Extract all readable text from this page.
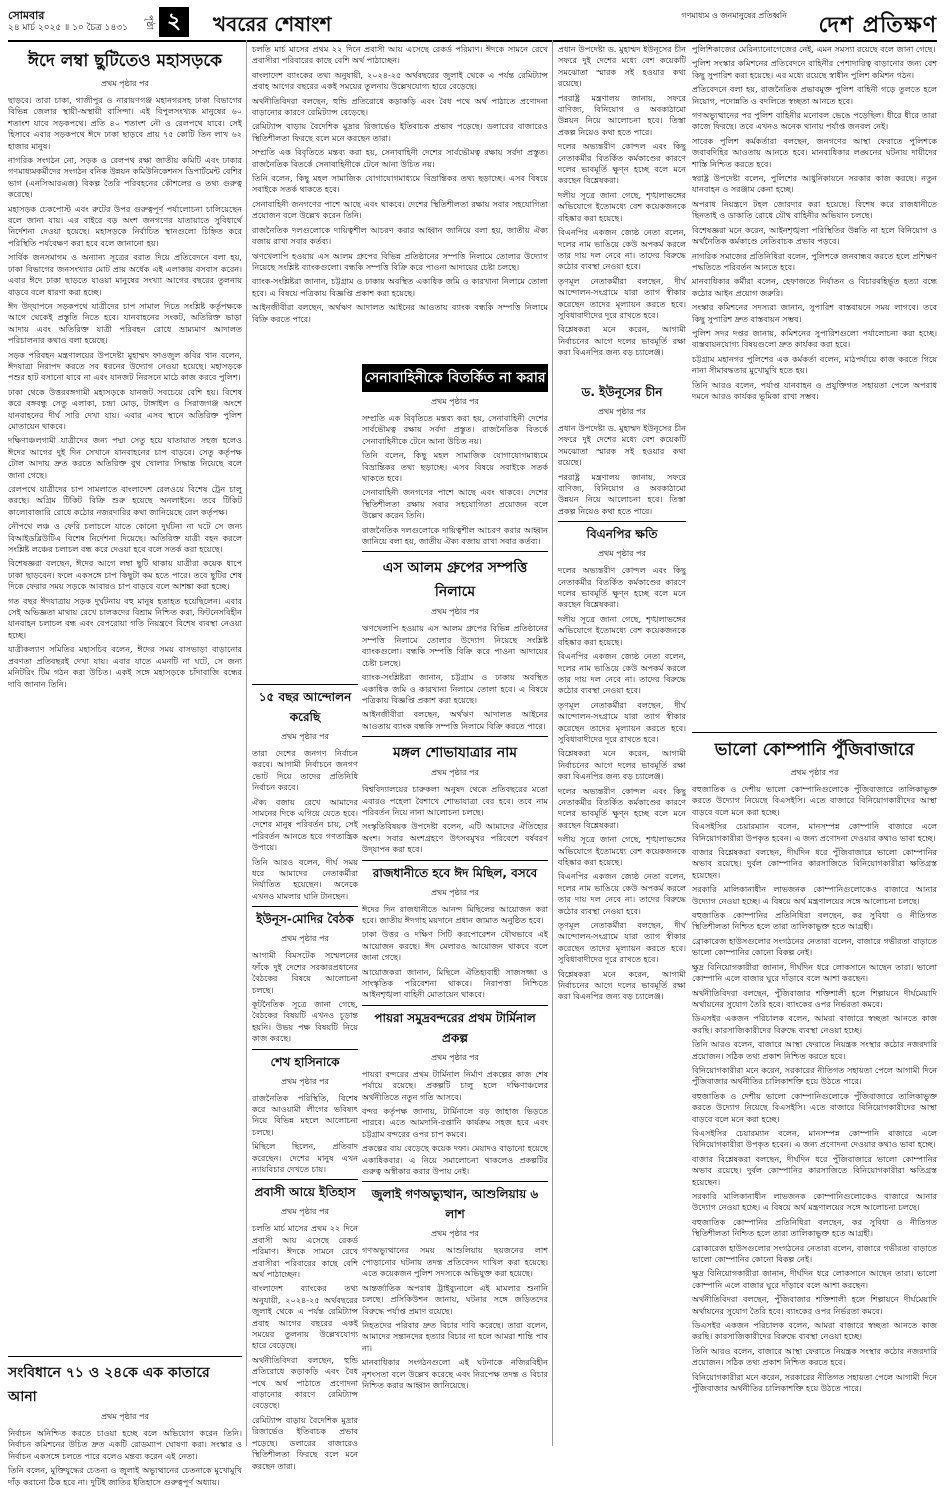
সোমবার
২৪ মার্চ ২০২৫ ॥ ১০ চৈত্র ১৪৩১	পৃষ্ঠা ২	খবরের শেষাংশ	গণমাধ্যম ও জনমানুষের প্রতিধ্বনি দেশ প্রতিক্ষণ
ঈদে লম্বা ছুটিতেও মহাসড়কে
প্রথম পৃষ্ঠার পর

ছাড়বে। তারা চাকা, গাজীপুর ও নারায়ণগঞ্জ মহানগরসহ ঢাকা বিভাগের বিভিন্ন জেলার স্থায়ী-অস্থায়ী বাসিন্দা। এই বিপুলসংখ্যক মানুষের ৬০ শতাংশ যাবে সড়কপথে। প্রতি ৪০ শতাংশ নৌ ও রেলপথে যাবে। সেই হিসাবে এবার সড়কপথে ঈদে ঢাকা ছাড়বে প্রায় ৭৫ কোটি তিন লাখ ৬২ হাজার মানুষ।

নাগরিক সংগঠন নো, সড়ক ও রেলপথ রক্ষা জাতীয় কমিটি এবং ঢাকার গণমাধ্যমকর্মীদের সংগঠন বনিক উন্নয়ন কমিউনিকেশনস ডিপার্টমেন্ট বেশির ভাগ (এনসিআরএজ) বিকল্প তৈরি পরিবহনের কৌশলের ও তথ্য গুরুত্ব করেছে।

মহাসড়ক চেকপোস্ট এবং রুটের উপর গুরুত্বপূর্ণ পর্যালোচনা চালিয়েছেন বলে জানা যায়। এর বাইরে বড় অংশ জনগণের যাতায়াতে সুবিধার্থে নির্দেশনা দেওয়া হয়েছে। মহাসড়কে নির্বাচিত স্থানগুলো চিহ্নিত করে পরিস্থিতি পর্যবেক্ষণ করা হবে বলে জানানো হয়।

সার্বিক জনসমাগম ও অন্যান্য সূত্রের বরাত দিয়ে প্রতিবেদনে বলা হয়, ঢাকা বিভাগের জনসংখ্যার মোট প্রায় অর্ধেক এই এলাকায় বসবাস করেন। এবার ঈদে ঢাকা ছাড়তে যাওয়া মানুষের সংখ্যা আগের বছরের তুলনায় বাড়বে বলে ধারণা করা হচ্ছে।

ঈদ উদ্‌যাপনে সড়কপথে যাত্রীদের চাপ সামাল দিতে সংশ্লিষ্ট কর্তৃপক্ষকে আগে থেকেই প্রস্তুতি নিতে হবে। যানবাহনের সংকট, অতিরিক্ত ভাড়া আদায় এবং অতিরিক্ত যাত্রী পরিবহন রোধে ভ্রাম্যমাণ আদালত পরিচালনার কথাও বলা হয়েছে।

সড়ক পরিবহন মন্ত্রণালয়ের উপদেষ্টা মুহাম্মদ ফাওজুল কবির খান বলেন, ঈদযাত্রা নিরাপদ করতে সব ধরনের উদ্যোগ নেওয়া হয়েছে। মহাসড়কে পশুর হাট বসানো যাবে না এবং যানজট নিরসনে মাঠে কাজ করবে পুলিশ।

ঢাকা থেকে উত্তরবঙ্গগামী মহাসড়কে যানজট সবচেয়ে বেশি হয়। বিশেষ করে বঙ্গবন্ধু সেতু এলাকা, চন্দ্রা মোড়, টাঙ্গাইল ও সিরাজগঞ্জ অংশে যানবাহনের দীর্ঘ সারি দেখা যায়। এবার এসব স্থানে অতিরিক্ত পুলিশ মোতায়েন থাকবে।

দক্ষিণাঞ্চলগামী যাত্রীদের জন্য পদ্মা সেতু হয়ে যাতায়াত সহজ হলেও ঈদের আগের দুই দিন সেখানে যানবাহনের চাপ বাড়বে। সেতু কর্তৃপক্ষ টোল আদায় দ্রুত করতে অতিরিক্ত বুথ খোলার সিদ্ধান্ত নিয়েছে বলে জানা গেছে।

রেলপথে যাত্রীদের চাপ সামলাতে বাংলাদেশ রেলওয়ে বিশেষ ট্রেন চালু করছে। অগ্রিম টিকিট বিক্রি শুরু হয়েছে অনলাইনে। তবে টিকিট কালোবাজারি রোধে কঠোর নজরদারির কথা জানিয়েছে রেল কর্তৃপক্ষ।

নৌপথে লঞ্চ ও ফেরি চলাচলে যাতে কোনো দুর্ঘটনা না ঘটে সে জন্য বিআইডব্লিউটিএ বিশেষ নির্দেশনা দিয়েছে। অতিরিক্ত যাত্রী বহন করলে সংশ্লিষ্ট লঞ্চের চলাচল বন্ধ করে দেওয়া হবে বলে সতর্ক করা হয়েছে।

বিশেষজ্ঞরা বলছেন, ঈদের আগে লম্বা ছুটি থাকায় যাত্রীরা কয়েক ধাপে ঢাকা ছাড়বেন। ফলে একসঙ্গে চাপ কিছুটা কম হতে পারে। তবে ছুটির শেষ দিকে ফেরার সময় সড়কে আবারও চাপ বাড়বে বলে আশঙ্কা করা হচ্ছে।

গত বছর ঈদযাত্রায় সড়ক দুর্ঘটনায় বহু মানুষ হতাহত হয়েছিলেন। এবার সেই অভিজ্ঞতা মাথায় রেখে চালকদের বিশ্রাম নিশ্চিত করা, ফিটনেসবিহীন যানবাহন চলাচল বন্ধ এবং বেপরোয়া গতি নিয়ন্ত্রণে বিশেষ ব্যবস্থা নেওয়া হচ্ছে।

যাত্রীকল্যাণ সমিতির মহাসচিব বলেন, ঈদের সময় বাসভাড়া বাড়ানোর প্রবণতা প্রতিবছরই দেখা যায়। এবার যাতে এমনটি না ঘটে, সে জন্য মনিটরিং টিম গঠন করা উচিত। একই সঙ্গে মহাসড়কে চাঁদাবাজি বন্ধের দাবি জানান তিনি।

সংবিধানে ৭১ ও ২৪কে এক কাতারে আনা
প্রথম পৃষ্ঠার পর

নির্বাচন অনিশ্চিত করতে চাওয়া হচ্ছে বলে অভিযোগ করেন তিনি। নির্বাচন কমিশনের উচিত দ্রুত একটি রোডম্যাপ ঘোষণা করা। সংস্কার ও নির্বাচন একসঙ্গে চলতে পারে বলেও মন্তব্য করেন এই নেতা।

তিনি বলেন, মুক্তিযুদ্ধের চেতনা ও জুলাই অভ্যুত্থানের চেতনাকে মুখোমুখি দাঁড় করানো ঠিক হবে না। দুটিই জাতির ইতিহাসে গুরুত্বপূর্ণ অধ্যায়।

১৫ বছর আন্দোলন করেছি
প্রথম পৃষ্ঠার পর

তারা দেশের জনগণ নির্বাচন করবে। আগামী নির্বাচনে জনগণ ভোট দিয়ে তাদের প্রতিনিধি নির্বাচন করবে।

ঐক্য বজায় রেখে আমাদের সামনের দিকে এগিয়ে যেতে হবে। দেশের মানুষ পরিবর্তন চায়, সেই পরিবর্তন আনতে হবে গণতান্ত্রিক উপায়ে।

তিনি আরও বলেন, দীর্ঘ সময় ধরে আমাদের নেতাকর্মীরা নির্যাতিত হয়েছেন। অনেকে এখনও মামলার ঘানি টানছেন।

ইউনূস-মোদির বৈঠক
প্রথম পৃষ্ঠার পর

আগামী বিমসটেক সম্মেলনের ফাঁকে দুই দেশের সরকারপ্রধানের বৈঠকের বিষয়ে আলোচনা চলছে।

কূটনৈতিক সূত্রে জানা গেছে, বৈঠকের বিষয়টি এখনও চূড়ান্ত হয়নি। উভয় পক্ষ বিষয়টি নিয়ে কাজ করছে।

শেখ হাসিনাকে
প্রথম পৃষ্ঠার পর

রাজনৈতিক পরিস্থিতি, বিশেষ করে আওয়ামী লীগের ভবিষ্যৎ নিয়ে বিভিন্ন মহলে আলোচনা চলছে।

মিছিলে ছিলেন, প্রতিবাদ করেছেন। দেশের মানুষ এখন ন্যায়বিচার দেখতে চায়।

প্রবাসী আয়ে ইতিহাস
প্রথম পৃষ্ঠার পর

চলতি মার্চ মাসের প্রথম ২২ দিনে প্রবাসী আয় এসেছে রেকর্ড পরিমাণ। ঈদকে সামনে রেখে প্রবাসীরা পরিবারের কাছে বেশি অর্থ পাঠাচ্ছেন।

বাংলাদেশ ব্যাংকের তথ্য অনুযায়ী, ২০২৪-২৫ অর্থবছরের জুলাই থেকে এ পর্যন্ত রেমিট্যান্স প্রবাহ আগের বছরের একই সময়ের তুলনায় উল্লেখযোগ্য হারে বেড়েছে।

অর্থনীতিবিদরা বলছেন, হুন্ডি প্রতিরোধে কড়াকড়ি এবং বৈধ পথে অর্থ পাঠাতে প্রণোদনা বাড়ানোর কারণে রেমিট্যান্স বেড়েছে।

রেমিট্যান্স বাড়ায় বৈদেশিক মুদ্রার রিজার্ভেও ইতিবাচক প্রভাব পড়েছে। ডলারের বাজারেও স্থিতিশীলতা ফিরছে বলে মনে করছেন তারা।

চলতি মার্চ মাসের প্রথম ২২ দিনে প্রবাসী আয় এসেছে রেকর্ড পরিমাণ। ঈদকে সামনে রেখে প্রবাসীরা পরিবারের কাছে বেশি অর্থ পাঠাচ্ছেন।

বাংলাদেশ ব্যাংকের তথ্য অনুযায়ী, ২০২৪-২৫ অর্থবছরের জুলাই থেকে এ পর্যন্ত রেমিট্যান্স প্রবাহ আগের বছরের একই সময়ের তুলনায় উল্লেখযোগ্য হারে বেড়েছে।

অর্থনীতিবিদরা বলছেন, হুন্ডি প্রতিরোধে কড়াকড়ি এবং বৈধ পথে অর্থ পাঠাতে প্রণোদনা বাড়ানোর কারণে রেমিট্যান্স বেড়েছে।

রেমিট্যান্স বাড়ায় বৈদেশিক মুদ্রার রিজার্ভেও ইতিবাচক প্রভাব পড়েছে। ডলারের বাজারেও স্থিতিশীলতা ফিরছে বলে মনে করছেন তারা।

সম্প্রতি এক বিবৃতিতে মন্তব্য করা হয়, সেনাবাহিনী দেশের সার্বভৌমত্ব রক্ষায় সর্বদা প্রস্তুত। রাজনৈতিক বিতর্কে সেনাবাহিনীকে টেনে আনা উচিত নয়।

তিনি বলেন, কিছু মহল সামাজিক যোগাযোগমাধ্যমে বিভ্রান্তিকর তথ্য ছড়াচ্ছে। এসব বিষয়ে সবাইকে সতর্ক থাকতে হবে।

সেনাবাহিনী জনগণের পাশে আছে এবং থাকবে। দেশের স্থিতিশীলতা রক্ষায় সবার সহযোগিতা প্রয়োজন বলে উল্লেখ করেন তিনি।

রাজনৈতিক দলগুলোকে দায়িত্বশীল আচরণ করার আহ্বান জানিয়ে বলা হয়, জাতীয় ঐক্য বজায় রাখা সবার কর্তব্য।

ঋণখেলাপি হওয়ায় এস আলম গ্রুপের বিভিন্ন প্রতিষ্ঠানের সম্পত্তি নিলামে তোলার উদ্যোগ নিয়েছে সংশ্লিষ্ট ব্যাংকগুলো। বন্ধকি সম্পত্তি বিক্রি করে পাওনা আদায়ের চেষ্টা চলছে।

ব্যাংক-সংশ্লিষ্টরা জানান, চট্টগ্রাম ও ঢাকায় অবস্থিত একাধিক জমি ও কারখানা নিলামে তোলা হবে। এ বিষয়ে পত্রিকায় বিজ্ঞপ্তি প্রকাশ করা হয়েছে।

আইনজীবীরা বলছেন, অর্থঋণ আদালত আইনের আওতায় ব্যাংক বন্ধকি সম্পত্তি নিলামে বিক্রি করতে পারে।

সেনাবাহিনীকে বিতর্কিত না করার
প্রথম পৃষ্ঠার পর

সম্প্রতি এক বিবৃতিতে মন্তব্য করা হয়, সেনাবাহিনী দেশের সার্বভৌমত্ব রক্ষায় সর্বদা প্রস্তুত। রাজনৈতিক বিতর্কে সেনাবাহিনীকে টেনে আনা উচিত নয়।

তিনি বলেন, কিছু মহল সামাজিক যোগাযোগমাধ্যমে বিভ্রান্তিকর তথ্য ছড়াচ্ছে। এসব বিষয়ে সবাইকে সতর্ক থাকতে হবে।

সেনাবাহিনী জনগণের পাশে আছে এবং থাকবে। দেশের স্থিতিশীলতা রক্ষায় সবার সহযোগিতা প্রয়োজন বলে উল্লেখ করেন তিনি।

রাজনৈতিক দলগুলোকে দায়িত্বশীল আচরণ করার আহ্বান জানিয়ে বলা হয়, জাতীয় ঐক্য বজায় রাখা সবার কর্তব্য।

এস আলম গ্রুপের সম্পত্তি নিলামে
প্রথম পৃষ্ঠার পর

ঋণখেলাপি হওয়ায় এস আলম গ্রুপের বিভিন্ন প্রতিষ্ঠানের সম্পত্তি নিলামে তোলার উদ্যোগ নিয়েছে সংশ্লিষ্ট ব্যাংকগুলো। বন্ধকি সম্পত্তি বিক্রি করে পাওনা আদায়ের চেষ্টা চলছে।

ব্যাংক-সংশ্লিষ্টরা জানান, চট্টগ্রাম ও ঢাকায় অবস্থিত একাধিক জমি ও কারখানা নিলামে তোলা হবে। এ বিষয়ে পত্রিকায় বিজ্ঞপ্তি প্রকাশ করা হয়েছে।

আইনজীবীরা বলছেন, অর্থঋণ আদালত আইনের আওতায় ব্যাংক বন্ধকি সম্পত্তি নিলামে বিক্রি করতে পারে।

মঙ্গল শোভাযাত্রার নাম
প্রথম পৃষ্ঠার পর

বিশ্ববিদ্যালয়ের চারুকলা অনুষদ থেকে প্রতিবছরের মতো এবারও পহেলা বৈশাখে শোভাযাত্রা বের হবে। তবে নাম পরিবর্তন নিয়ে নানা আলোচনা চলছে।

সংস্কৃতিবিষয়ক উপদেষ্টা বলেন, এটি আমাদের ঐতিহ্যের অংশ। সবার অংশগ্রহণে উৎসবমুখর পরিবেশে বর্ষবরণ উদ্‌যাপন করা হবে।

রাজধানীতে হবে ঈদ মিছিল, বসবে
প্রথম পৃষ্ঠার পর

ঈদের দিন রাজধানীতে আনন্দ মিছিলের আয়োজন করা হবে। জাতীয় ঈদগাহ ময়দানে প্রধান জামাত অনুষ্ঠিত হবে।

ঢাকা উত্তর ও দক্ষিণ সিটি করপোরেশন যৌথভাবে এই আয়োজন করছে। ঈদ মেলারও আয়োজন থাকবে বলে জানা গেছে।

আয়োজকরা জানান, মিছিলে ঐতিহ্যবাহী সাজসজ্জা ও সাংস্কৃতিক পরিবেশনা থাকবে। নিরাপত্তা নিশ্চিতে আইনশৃঙ্খলা বাহিনী মোতায়েন থাকবে।

পায়রা সমুদ্রবন্দরের প্রথম টার্মিনাল প্রকল্প
প্রথম পৃষ্ঠার পর

পায়রা বন্দরের প্রথম টার্মিনাল নির্মাণ প্রকল্পের কাজ শেষ পর্যায়ে রয়েছে। প্রকল্পটি চালু হলে দক্ষিণাঞ্চলের অর্থনীতিতে নতুন গতি আসবে।

বন্দর কর্তৃপক্ষ জানায়, টার্মিনালে বড় জাহাজ ভিড়তে পারবে। এতে আমদানি-রপ্তানি কার্যক্রম সহজ হবে এবং চট্টগ্রাম বন্দরের ওপর চাপ কমবে।

প্রকল্পের ব্যয় বেড়েছে কয়েক দফা। মেয়াদও বাড়ানো হয়েছে একাধিকবার। এ নিয়ে সমালোচনা থাকলেও প্রকল্পটির গুরুত্ব অস্বীকার করার উপায় নেই।

জুলাই গণঅভ্যুত্থান, আশুলিয়ায় ৬ লাশ
প্রথম পৃষ্ঠার পর

গণঅভ্যুত্থানের সময় আশুলিয়ায় ছয়জনের লাশ পোড়ানোর ঘটনায় তদন্ত প্রতিবেদন দাখিল করা হয়েছে। এতে কয়েকজন পুলিশ সদস্যকে অভিযুক্ত করা হয়েছে।

আন্তর্জাতিক অপরাধ ট্রাইব্যুনালে এই মামলার শুনানি চলছে। প্রসিকিউশন জানায়, ঘটনার সঙ্গে জড়িতদের বিরুদ্ধে পর্যাপ্ত প্রমাণ রয়েছে।

নিহতদের পরিবার দ্রুত বিচার দাবি করেছে। তারা বলেন, আমাদের সন্তানদের হত্যার বিচার না হলে আমরা শান্তি পাব না।

মানবাধিকার সংগঠনগুলো এই ঘটনাকে নজিরবিহীন নৃশংসতা বলে উল্লেখ করেছে এবং নিরপেক্ষ তদন্ত ও বিচার নিশ্চিত করার আহ্বান জানিয়েছে।

ড. ইউনূসের চীন
প্রথম পৃষ্ঠার পর

প্রধান উপদেষ্টা ড. মুহাম্মদ ইউনূসের চীন সফরে দুই দেশের মধ্যে বেশ কয়েকটি সমঝোতা স্মারক সই হওয়ার কথা রয়েছে।

পররাষ্ট্র মন্ত্রণালয় জানায়, সফরে বাণিজ্য, বিনিয়োগ ও অবকাঠামো উন্নয়ন নিয়ে আলোচনা হবে। তিস্তা প্রকল্প নিয়েও কথা হতে পারে।

বিএনপির ক্ষতি
প্রথম পৃষ্ঠার পর

দলের অভ্যন্তরীণ কোন্দল এবং কিছু নেতাকর্মীর বিতর্কিত কর্মকাণ্ডের কারণে দলের ভাবমূর্তি ক্ষুণ্ন হচ্ছে বলে মনে করছেন বিশ্লেষকরা।

দলীয় সূত্রে জানা গেছে, শৃঙ্খলাভঙ্গের অভিযোগে ইতোমধ্যে বেশ কয়েকজনকে বহিষ্কার করা হয়েছে।

বিএনপির একজন জ্যেষ্ঠ নেতা বলেন, দলের নাম ভাঙিয়ে কেউ অপকর্ম করলে তার দায় দল নেবে না। তাদের বিরুদ্ধে কঠোর ব্যবস্থা নেওয়া হবে।

তৃণমূল নেতাকর্মীরা বলছেন, দীর্ঘ আন্দোলন-সংগ্রামে যারা ত্যাগ স্বীকার করেছেন তাদের মূল্যায়ন করতে হবে। সুবিধাবাদীদের দূরে রাখতে হবে।

বিশ্লেষকরা মনে করেন, আগামী নির্বাচনের আগে দলের ভাবমূর্তি রক্ষা করা বিএনপির জন্য বড় চ্যালেঞ্জ।

দলের অভ্যন্তরীণ কোন্দল এবং কিছু নেতাকর্মীর বিতর্কিত কর্মকাণ্ডের কারণে দলের ভাবমূর্তি ক্ষুণ্ন হচ্ছে বলে মনে করছেন বিশ্লেষকরা।

দলীয় সূত্রে জানা গেছে, শৃঙ্খলাভঙ্গের অভিযোগে ইতোমধ্যে বেশ কয়েকজনকে বহিষ্কার করা হয়েছে।

বিএনপির একজন জ্যেষ্ঠ নেতা বলেন, দলের নাম ভাঙিয়ে কেউ অপকর্ম করলে তার দায় দল নেবে না। তাদের বিরুদ্ধে কঠোর ব্যবস্থা নেওয়া হবে।

তৃণমূল নেতাকর্মীরা বলছেন, দীর্ঘ আন্দোলন-সংগ্রামে যারা ত্যাগ স্বীকার করেছেন তাদের মূল্যায়ন করতে হবে। সুবিধাবাদীদের দূরে রাখতে হবে।

বিশ্লেষকরা মনে করেন, আগামী নির্বাচনের আগে দলের ভাবমূর্তি রক্ষা করা বিএনপির জন্য বড় চ্যালেঞ্জ।

প্রধান উপদেষ্টা ড. মুহাম্মদ ইউনূসের চীন সফরে দুই দেশের মধ্যে বেশ কয়েকটি সমঝোতা স্মারক সই হওয়ার কথা রয়েছে।

পররাষ্ট্র মন্ত্রণালয় জানায়, সফরে বাণিজ্য, বিনিয়োগ ও অবকাঠামো উন্নয়ন নিয়ে আলোচনা হবে। তিস্তা প্রকল্প নিয়েও কথা হতে পারে।

দলের অভ্যন্তরীণ কোন্দল এবং কিছু নেতাকর্মীর বিতর্কিত কর্মকাণ্ডের কারণে দলের ভাবমূর্তি ক্ষুণ্ন হচ্ছে বলে মনে করছেন বিশ্লেষকরা।

দলীয় সূত্রে জানা গেছে, শৃঙ্খলাভঙ্গের অভিযোগে ইতোমধ্যে বেশ কয়েকজনকে বহিষ্কার করা হয়েছে।

বিএনপির একজন জ্যেষ্ঠ নেতা বলেন, দলের নাম ভাঙিয়ে কেউ অপকর্ম করলে তার দায় দল নেবে না। তাদের বিরুদ্ধে কঠোর ব্যবস্থা নেওয়া হবে।

তৃণমূল নেতাকর্মীরা বলছেন, দীর্ঘ আন্দোলন-সংগ্রামে যারা ত্যাগ স্বীকার করেছেন তাদের মূল্যায়ন করতে হবে। সুবিধাবাদীদের দূরে রাখতে হবে।

বিশ্লেষকরা মনে করেন, আগামী নির্বাচনের আগে দলের ভাবমূর্তি রক্ষা করা বিএনপির জন্য বড় চ্যালেঞ্জ।

পুলিশিকাজের মেরিন্যানোগেজের নেই, এমন সমস্যা রয়েছে বলে জানা গেছে।

পুলিশ সংস্কার কমিশনের প্রতিবেদনে বাহিনীর পেশাদারিত্ব বাড়ানোর জন্য বেশ কিছু সুপারিশ করা হয়েছে। এর মধ্যে রয়েছে স্বাধীন পুলিশ কমিশন গঠন।

প্রতিবেদনে বলা হয়, রাজনৈতিক প্রভাবমুক্ত পুলিশ বাহিনী গড়ে তুলতে হলে নিয়োগ, পদোন্নতি ও বদলিতে স্বচ্ছতা আনতে হবে।

গণঅভ্যুত্থানের পর পুলিশ বাহিনীর মনোবল ভেঙে পড়েছিল। ধীরে ধীরে তারা কাজে ফিরছে। তবে এখনও অনেক থানায় পর্যাপ্ত জনবল নেই।

সাবেক পুলিশ কর্মকর্তারা বলছেন, জনগণের আস্থা ফেরাতে পুলিশকে জবাবদিহির আওতায় আনতে হবে। মানবাধিকার লঙ্ঘনের ঘটনায় দায়ীদের শাস্তি নিশ্চিত করতে হবে।

স্বরাষ্ট্র উপদেষ্টা বলেন, পুলিশের আধুনিকায়নে সরকার কাজ করছে। নতুন যানবাহন ও সরঞ্জাম কেনা হচ্ছে।

অপরাধ নিয়ন্ত্রণে টহল জোরদার করা হয়েছে। বিশেষ করে রাজধানীতে ছিনতাই ও ডাকাতি রোধে যৌথ বাহিনীর অভিযান চলছে।

বিশেষজ্ঞরা মনে করেন, আইনশৃঙ্খলা পরিস্থিতির উন্নতি না হলে বিনিয়োগ ও অর্থনৈতিক কর্মকাণ্ডে নেতিবাচক প্রভাব পড়বে।

নাগরিক সমাজের প্রতিনিধিরা বলেন, পুলিশকে জনবান্ধব করতে হলে প্রশিক্ষণ পদ্ধতিতে পরিবর্তন আনতে হবে।

মানবাধিকার কর্মীরা বলেন, হেফাজতে নির্যাতন ও বিচারবহির্ভূত হত্যা বন্ধে কঠোর আইন প্রয়োগ জরুরি।

সংস্কার কমিশনের সদস্যরা জানান, সুপারিশ বাস্তবায়নে সময় লাগবে। তবে কিছু সুপারিশ দ্রুত বাস্তবায়ন সম্ভব।

পুলিশ সদর দপ্তর জানায়, কমিশনের সুপারিশগুলো পর্যালোচনা করা হচ্ছে। বাস্তবায়নযোগ্য বিষয়গুলো দ্রুত কার্যকর করা হবে।

চট্টগ্রাম মহানগর পুলিশের এক কর্মকর্তা বলেন, মাঠপর্যায়ে কাজ করতে গিয়ে নানা সীমাবদ্ধতার মুখোমুখি হতে হয়।

তিনি আরও বলেন, পর্যাপ্ত যানবাহন ও প্রযুক্তিগত সহায়তা পেলে অপরাধ দমনে আরও কার্যকর ভূমিকা রাখা সম্ভব।

ভালো কোম্পানি পুঁজিবাজারে
প্রথম পৃষ্ঠার পর

বহুজাতিক ও দেশীয় ভালো কোম্পানিগুলোকে পুঁজিবাজারে তালিকাভুক্ত করতে উদ্যোগ নিয়েছে বিএসইসি। এতে বাজারে বিনিয়োগকারীদের আস্থা বাড়বে বলে মনে করা হচ্ছে।

বিএসইসির চেয়ারম্যান বলেন, মানসম্পন্ন কোম্পানি বাজারে এলে বিনিয়োগকারীরা উপকৃত হবেন। এ জন্য প্রণোদনা দেওয়ার কথাও ভাবা হচ্ছে।

বাজার বিশ্লেষকরা বলছেন, দীর্ঘদিন ধরে পুঁজিবাজারে ভালো কোম্পানির অভাব রয়েছে। দুর্বল কোম্পানির কারসাজিতে বিনিয়োগকারীরা ক্ষতিগ্রস্ত হয়েছেন।

সরকারি মালিকানাধীন লাভজনক কোম্পানিগুলোকেও বাজারে আনার উদ্যোগ নেওয়া হচ্ছে। এ বিষয়ে অর্থ মন্ত্রণালয়ের সঙ্গে আলোচনা চলছে।

বহুজাতিক কোম্পানির প্রতিনিধিরা বলছেন, কর সুবিধা ও নীতিগত স্থিতিশীলতা নিশ্চিত হলে তারা তালিকাভুক্ত হতে আগ্রহী।

ব্রোকারেজ হাউসগুলোর সংগঠনের নেতারা বলেন, বাজারে গভীরতা বাড়াতে ভালো কোম্পানির কোনো বিকল্প নেই।

ক্ষুদ্র বিনিয়োগকারীরা জানান, দীর্ঘদিন ধরে লোকসানে আছেন তারা। ভালো কোম্পানি এলে বাজার ঘুরে দাঁড়াবে বলে আশা করছেন।

অর্থনীতিবিদরা বলছেন, পুঁজিবাজার শক্তিশালী হলে শিল্পায়নে দীর্ঘমেয়াদি অর্থায়নের সুযোগ তৈরি হবে। ব্যাংকের ওপর নির্ভরতা কমবে।

ডিএসইর একজন পরিচালক বলেন, আমরা বাজারে স্বচ্ছতা আনতে কাজ করছি। কারসাজিকারীদের বিরুদ্ধে ব্যবস্থা নেওয়া হচ্ছে।

তিনি আরও বলেন, বাজারে আস্থা ফেরাতে নিয়ন্ত্রক সংস্থার কঠোর নজরদারি প্রয়োজন। সঠিক তথ্য প্রকাশ নিশ্চিত করতে হবে।

বিনিয়োগকারীরা মনে করেন, সরকারের নীতিগত সহায়তা পেলে আগামী দিনে পুঁজিবাজার অর্থনীতির চালিকাশক্তি হয়ে উঠতে পারে।

বহুজাতিক ও দেশীয় ভালো কোম্পানিগুলোকে পুঁজিবাজারে তালিকাভুক্ত করতে উদ্যোগ নিয়েছে বিএসইসি। এতে বাজারে বিনিয়োগকারীদের আস্থা বাড়বে বলে মনে করা হচ্ছে।

বিএসইসির চেয়ারম্যান বলেন, মানসম্পন্ন কোম্পানি বাজারে এলে বিনিয়োগকারীরা উপকৃত হবেন। এ জন্য প্রণোদনা দেওয়ার কথাও ভাবা হচ্ছে।

বাজার বিশ্লেষকরা বলছেন, দীর্ঘদিন ধরে পুঁজিবাজারে ভালো কোম্পানির অভাব রয়েছে। দুর্বল কোম্পানির কারসাজিতে বিনিয়োগকারীরা ক্ষতিগ্রস্ত হয়েছেন।

সরকারি মালিকানাধীন লাভজনক কোম্পানিগুলোকেও বাজারে আনার উদ্যোগ নেওয়া হচ্ছে। এ বিষয়ে অর্থ মন্ত্রণালয়ের সঙ্গে আলোচনা চলছে।

বহুজাতিক কোম্পানির প্রতিনিধিরা বলছেন, কর সুবিধা ও নীতিগত স্থিতিশীলতা নিশ্চিত হলে তারা তালিকাভুক্ত হতে আগ্রহী।

ব্রোকারেজ হাউসগুলোর সংগঠনের নেতারা বলেন, বাজারে গভীরতা বাড়াতে ভালো কোম্পানির কোনো বিকল্প নেই।

ক্ষুদ্র বিনিয়োগকারীরা জানান, দীর্ঘদিন ধরে লোকসানে আছেন তারা। ভালো কোম্পানি এলে বাজার ঘুরে দাঁড়াবে বলে আশা করছেন।

অর্থনীতিবিদরা বলছেন, পুঁজিবাজার শক্তিশালী হলে শিল্পায়নে দীর্ঘমেয়াদি অর্থায়নের সুযোগ তৈরি হবে। ব্যাংকের ওপর নির্ভরতা কমবে।

ডিএসইর একজন পরিচালক বলেন, আমরা বাজারে স্বচ্ছতা আনতে কাজ করছি। কারসাজিকারীদের বিরুদ্ধে ব্যবস্থা নেওয়া হচ্ছে।

তিনি আরও বলেন, বাজারে আস্থা ফেরাতে নিয়ন্ত্রক সংস্থার কঠোর নজরদারি প্রয়োজন। সঠিক তথ্য প্রকাশ নিশ্চিত করতে হবে।

বিনিয়োগকারীরা মনে করেন, সরকারের নীতিগত সহায়তা পেলে আগামী দিনে পুঁজিবাজার অর্থনীতির চালিকাশক্তি হয়ে উঠতে পারে।
